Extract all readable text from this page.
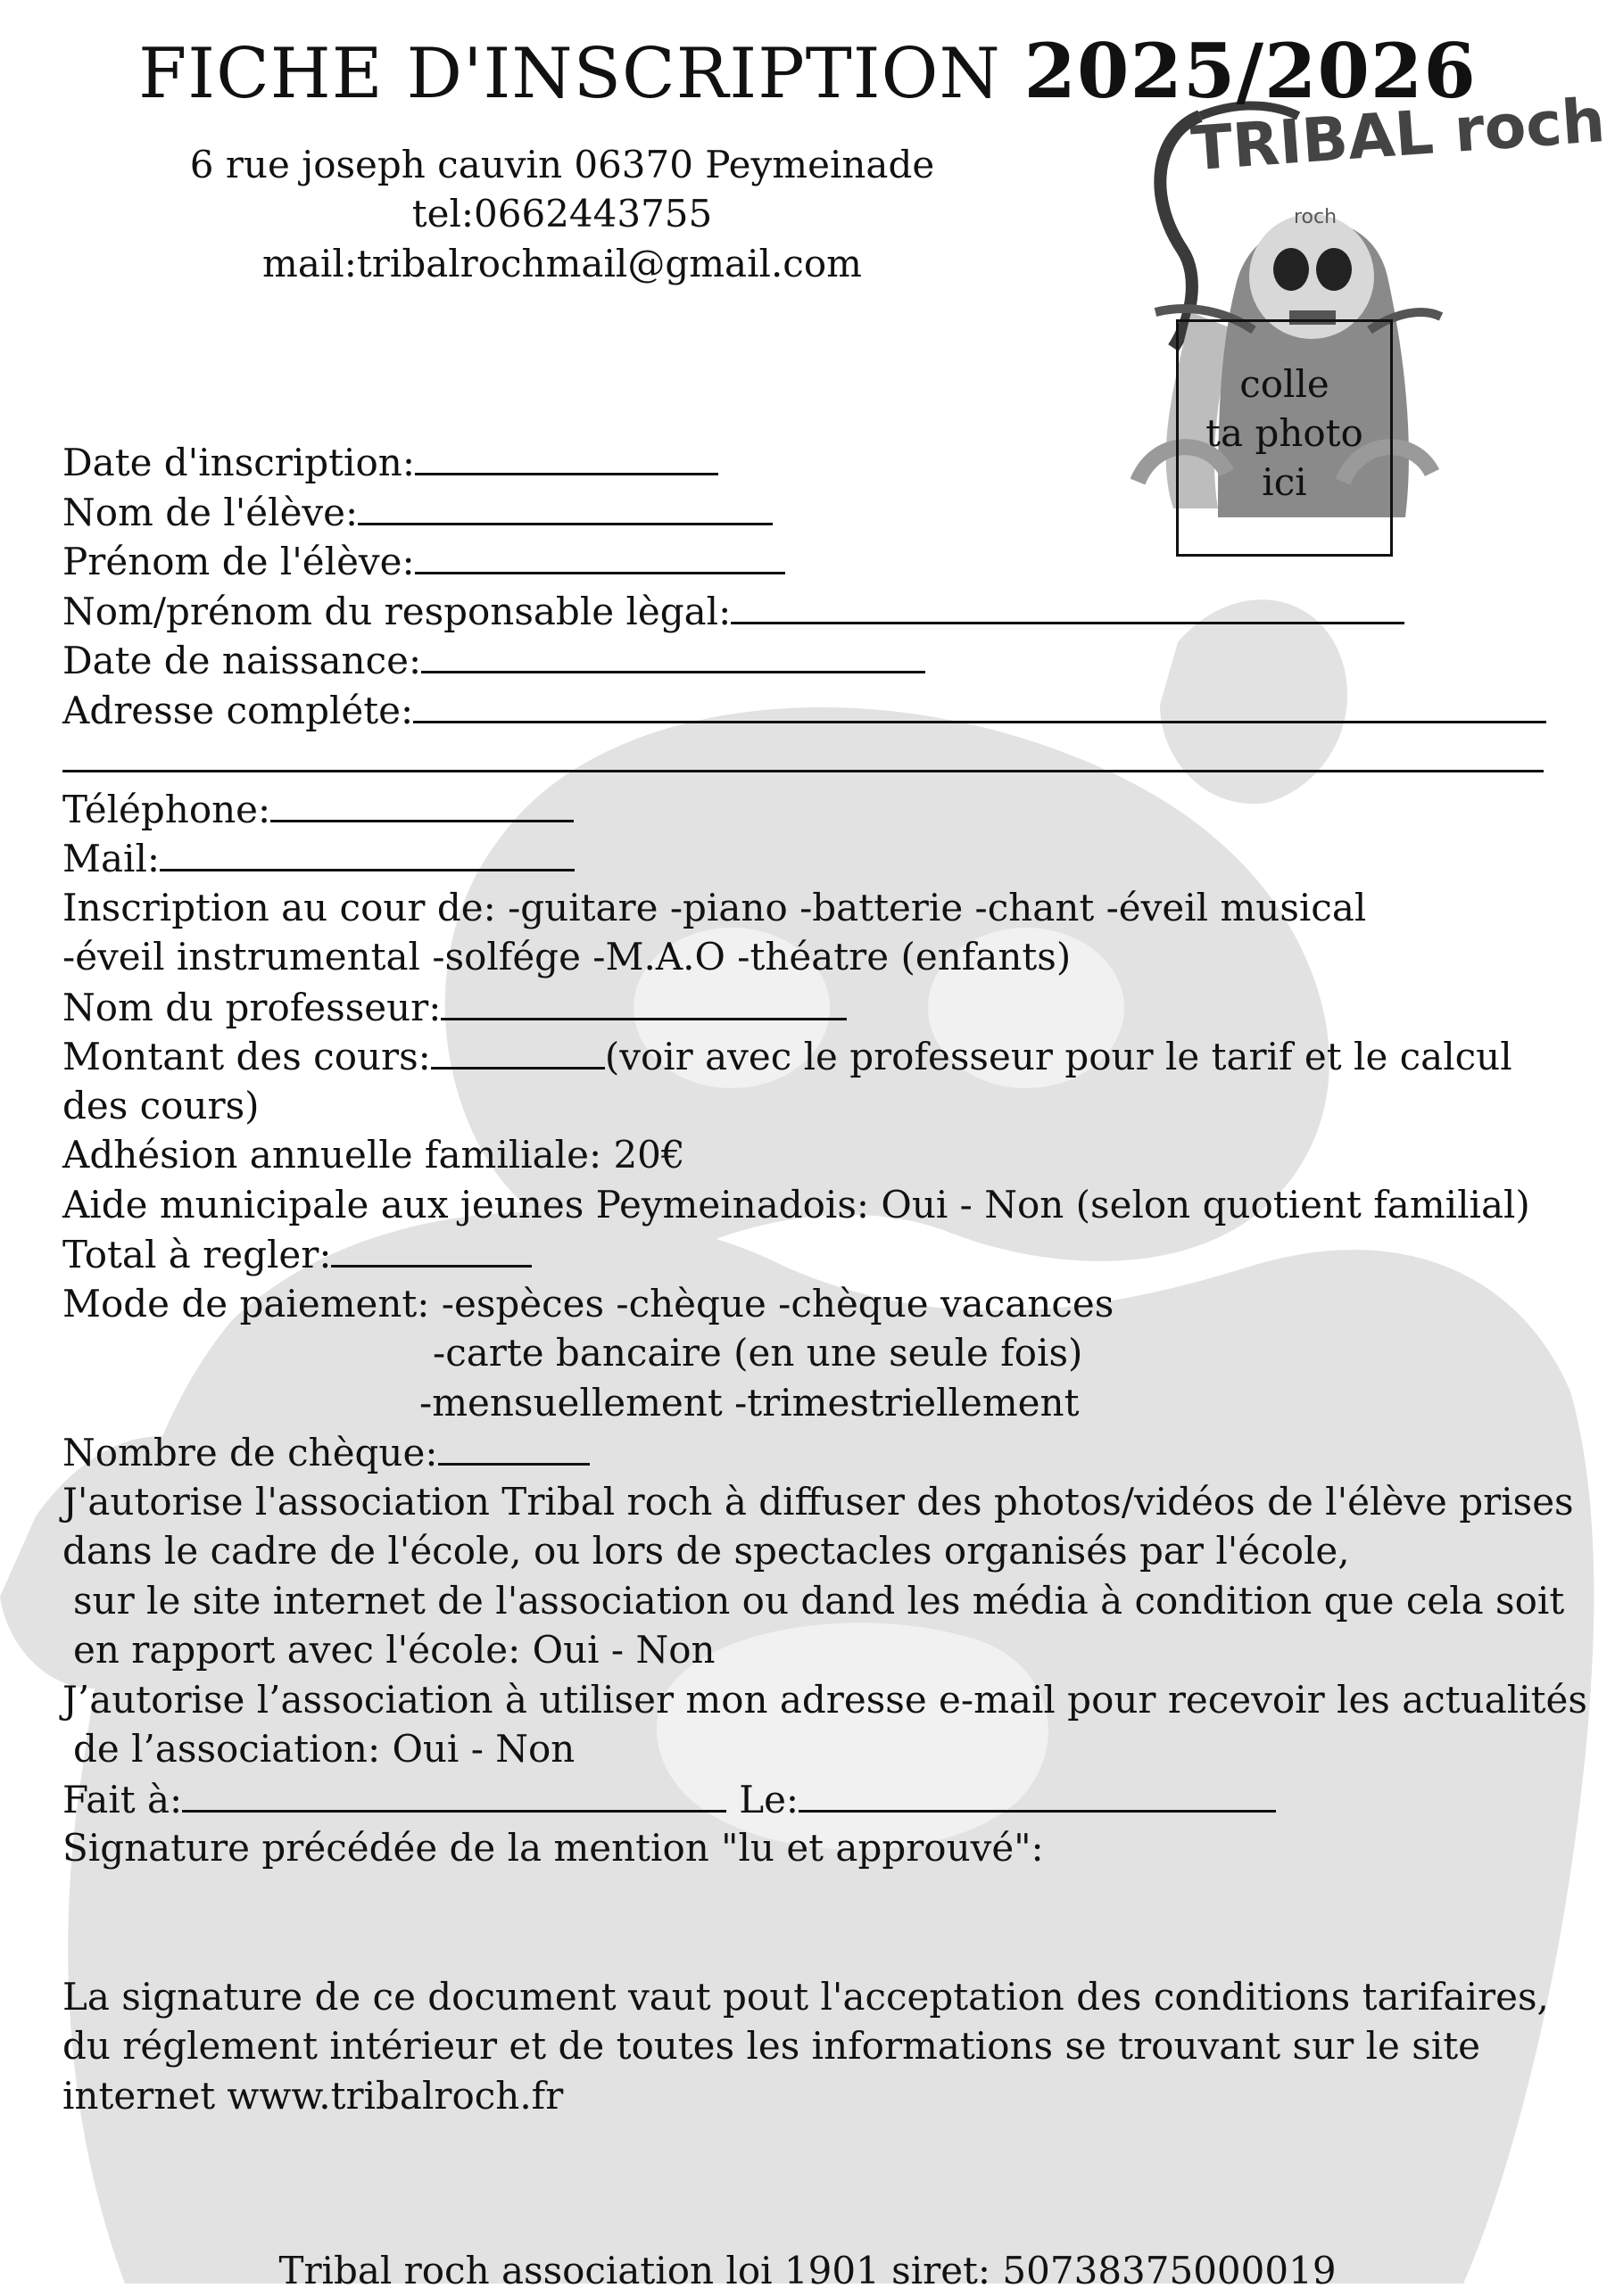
TRIBAL roch
roch
colle
ta photo
ici
FICHE D'INSCRIPTION 2025/2026
6 rue joseph cauvin 06370 Peymeinade
tel:0662443755 mail:tribalrochmail@gmail.com
Date d'inscription:
Nom de l'élève:
Prénom de l'élève:
Nom/prénom du responsable lègal:
Date de naissance:
Adresse compléte:
Téléphone:
Mail:
Inscription au cour de: -guitare -piano -batterie -chant -éveil musical
-éveil instrumental -solfége -M.A.O -théatre (enfants)
Nom du professeur:
Montant des cours:	(voir avec le professeur pour le tarif et le calcul
des cours)
Adhésion annuelle familiale: 20€
Aide municipale aux jeunes Peymeinadois: Oui - Non (selon quotient familial)
Total à regler:
Mode de paiement: -espèces -chèque -chèque vacances
-carte bancaire (en une seule fois)
-mensuellement -trimestriellement
Nombre de chèque:
J'autorise l'association Tribal roch à diffuser des photos/vidéos de l'élève prises
dans le cadre de l'école, ou lors de spectacles organisés par l'école,
sur le site internet de l'association ou dand les média à condition que cela soit
en rapport avec l'école: Oui - Non
J’autorise l’association à utiliser mon adresse e-mail pour recevoir les actualités
de l’association: Oui - Non
Fait à:	Le:
Signature précédée de la mention "lu et approuvé":
La signature de ce document vaut pout l'acceptation des conditions tarifaires,
du réglement intérieur et de toutes les informations se trouvant sur le site
internet www.tribalroch.fr
Tribal roch association loi 1901 siret: 50738375000019
